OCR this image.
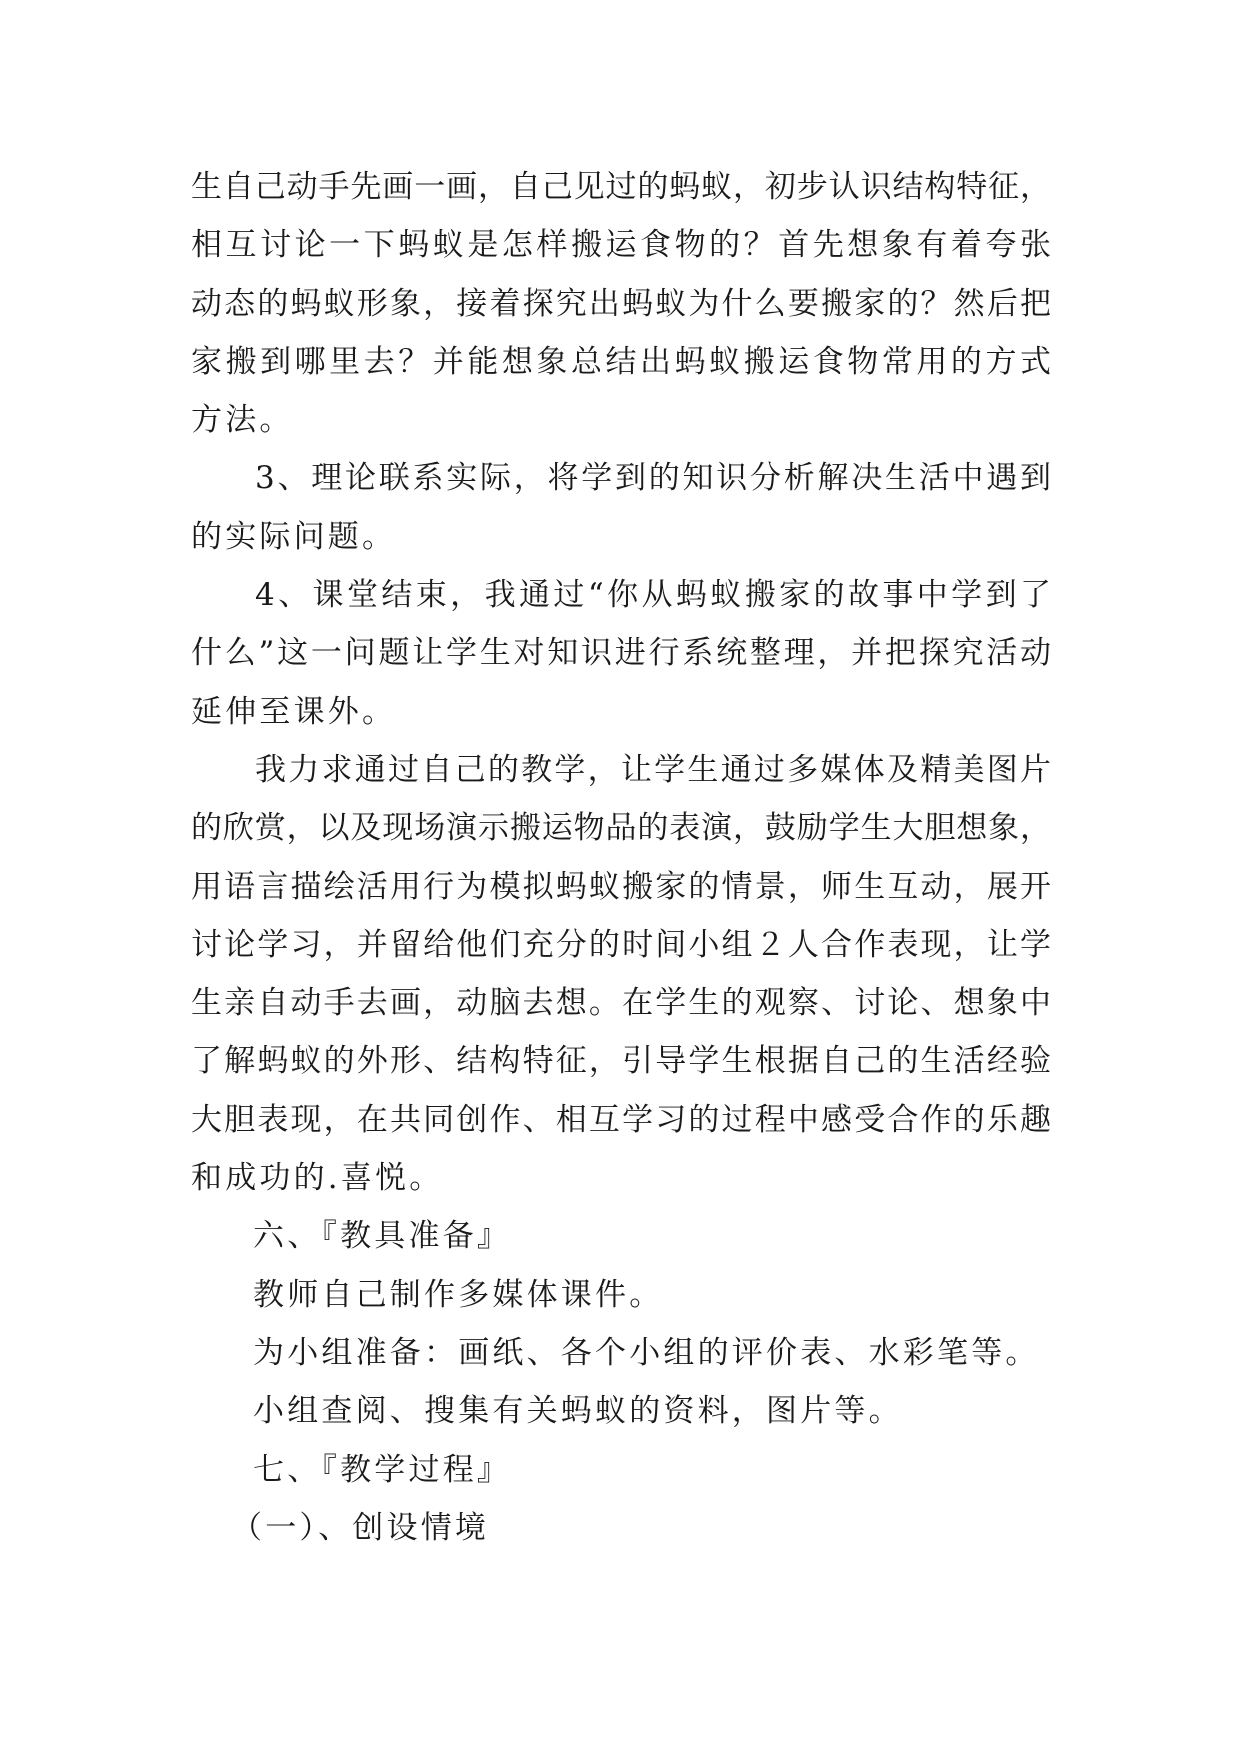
生自己动手先画一画，自己见过的蚂蚁，初步认识结构特征，
相互讨论一下蚂蚁是怎样搬运食物的？首先想象有着夸张
动态的蚂蚁形象，接着探究出蚂蚁为什么要搬家的？然后把
家搬到哪里去？并能想象总结出蚂蚁搬运食物常用的方式
方法。
3、理论联系实际，将学到的知识分析解决生活中遇到
的实际问题。
4、课堂结束，我通过“你从蚂蚁搬家的故事中学到了
什么”这一问题让学生对知识进行系统整理，并把探究活动
延伸至课外。
我力求通过自己的教学，让学生通过多媒体及精美图片
的欣赏，以及现场演示搬运物品的表演，鼓励学生大胆想象，
用语言描绘活用行为模拟蚂蚁搬家的情景，师生互动，展开
讨论学习，并留给他们充分的时间小组２人合作表现，让学
生亲自动手去画，动脑去想。在学生的观察、讨论、想象中
了解蚂蚁的外形、结构特征，引导学生根据自己的生活经验
大胆表现，在共同创作、相互学习的过程中感受合作的乐趣
和成功的.喜悦。
六、『教具准备』
教师自己制作多媒体课件。
为小组准备：画纸、各个小组的评价表、水彩笔等。
小组查阅、搜集有关蚂蚁的资料，图片等。
七、『教学过程』
（一）、创设情境
